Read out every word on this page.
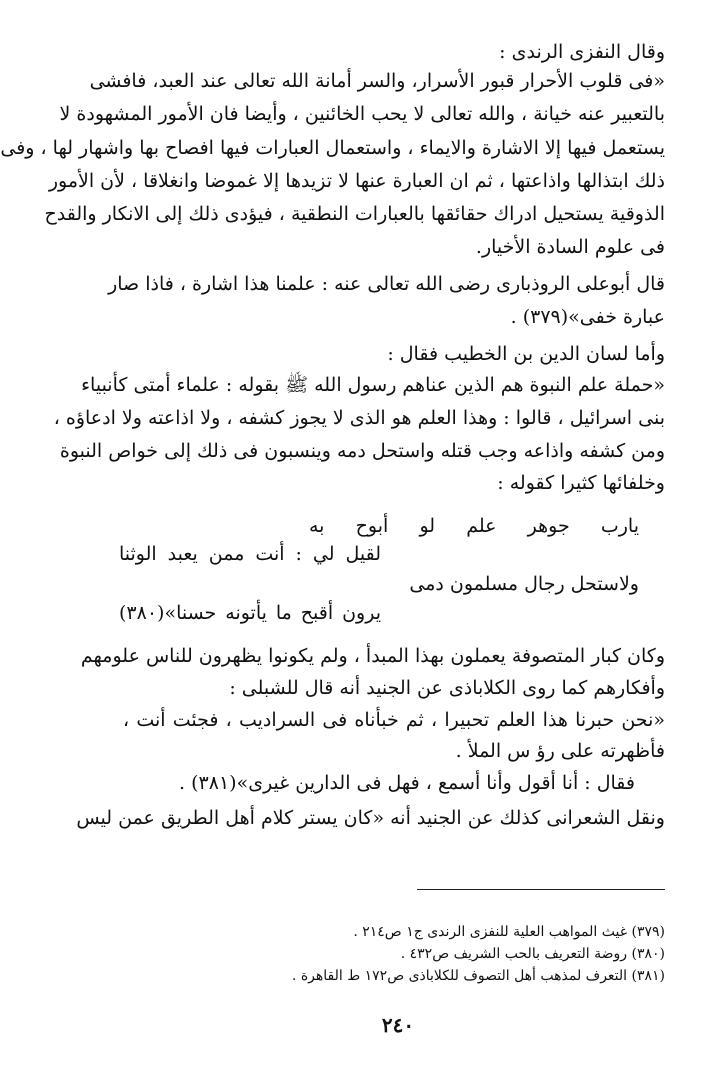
وقال النفزى الرندى :
«فى قلوب الأحرار قبور الأسرار، والسر أمانة الله تعالى عند العبد، فافشى
بالتعبير عنه خيانة ، والله تعالى لا يحب الخائنين ، وأيضا فان الأمور المشهودة لا
يستعمل فيها إلا الاشارة والايماء ، واستعمال العبارات فيها افصاح بها واشهار لها ، وفى
ذلك ابتذالها واذاعتها ، ثم ان العبارة عنها لا تزيدها إلا غموضا وانغلاقا ، لأن الأمور
الذوقية يستحيل ادراك حقائقها بالعبارات النطقية ، فيؤدى ذلك إلى الانكار والقدح
فى علوم السادة الأخيار.
قال أبوعلى الروذبارى رضى الله تعالى عنه : علمنا هذا اشارة ، فاذا صار
عبارة خفى»(٣٧٩) .
وأما لسان الدين بن الخطيب فقال :
«حملة علم النبوة هم الذين عناهم رسول الله ﷺ بقوله : علماء أمتى كأنبياء
بنى اسرائيل ، قالوا : وهذا العلم هو الذى لا يجوز كشفه ، ولا اذاعته ولا ادعاؤه ،
ومن كشفه واذاعه وجب قتله واستحل دمه وينسبون فى ذلك إلى خواص النبوة
وخلفائها كثيرا كقوله :
يارب جوهر علم لو أبوح به
لقيل لي : أنت ممن يعبد الوثنا
ولاستحل رجال مسلمون دمى
يرون أقبح ما يأتونه حسنا»(٣٨٠)
وكان كبار المتصوفة يعملون بهذا المبدأ ، ولم يكونوا يظهرون للناس علومهم
وأفكارهم كما روى الكلاباذى عن الجنيد أنه قال للشبلى :
«نحن حبرنا هذا العلم تحبيرا ، ثم خبأناه فى السراديب ، فجئت أنت ،
فأظهرته على رؤ س الملأ .
فقال : أنا أقول وأنا أسمع ، فهل فى الدارين غيرى»(٣٨١) .
ونقل الشعرانى كذلك عن الجنيد أنه «كان يستر كلام أهل الطريق عمن ليس
(٣٧٩) غيث المواهب العلية للنفزى الرندى ج١ ص٢١٤ .
(٣٨٠) روضة التعريف بالحب الشريف ص٤٣٢ .
(٣٨١) التعرف لمذهب أهل التصوف للكلاباذى ص١٧٢ ط القاهرة .
٢٤٠
